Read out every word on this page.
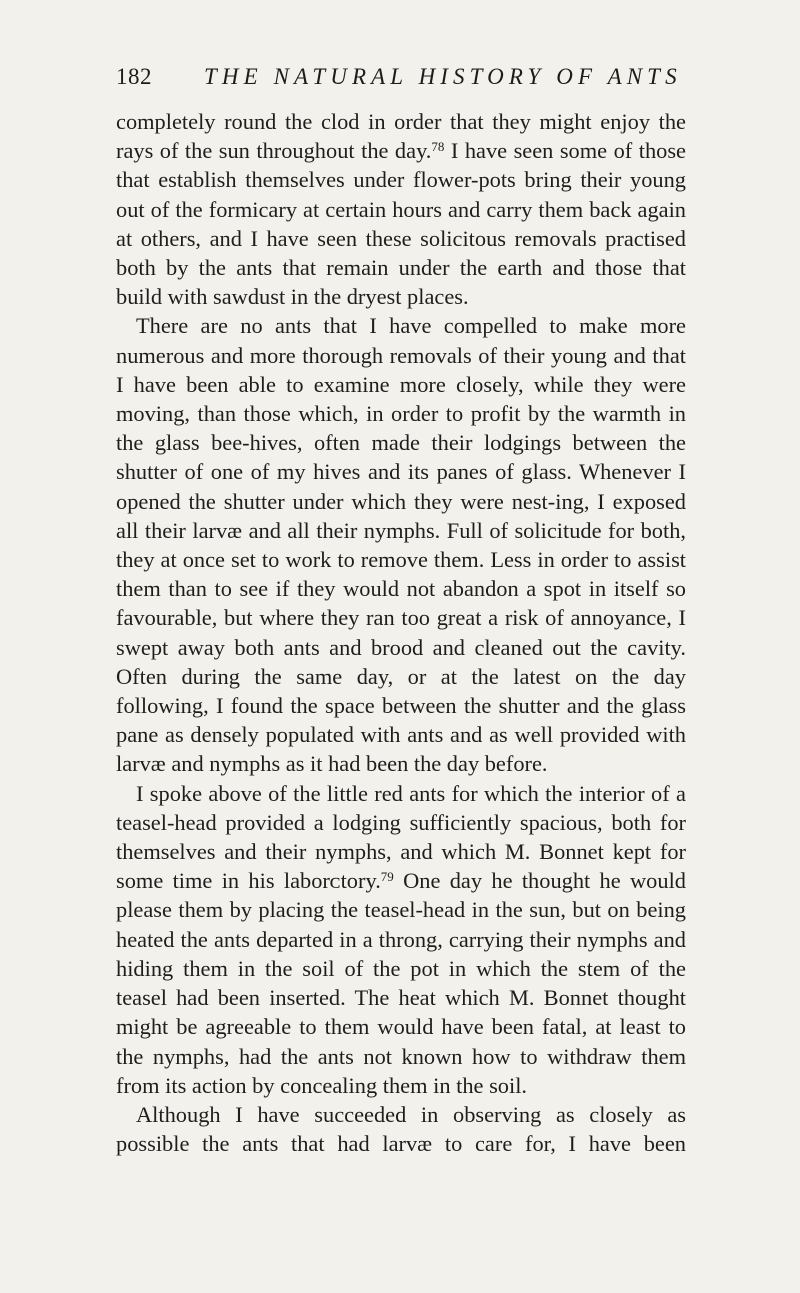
182 THE NATURAL HISTORY OF ANTS

completely round the clod in order that they might enjoy the rays of the sun throughout the day.$^{78}$ I have seen some of those that establish themselves under flower-pots bring their young out of the formicary at certain hours and carry them back again at others, and I have seen these solicitous removals practised both by the ants that remain under the earth and those that build with sawdust in the dryest places.

There are no ants that I have compelled to make more numerous and more thorough removals of their young and that I have been able to examine more closely, while they were moving, than those which, in order to profit by the warmth in the glass bee-hives, often made their lodgings between the shutter of one of my hives and its panes of glass. Whenever I opened the shutter under which they were nest-ing, I exposed all their larvæ and all their nymphs. Full of solicitude for both, they at once set to work to remove them. Less in order to assist them than to see if they would not abandon a spot in itself so favourable, but where they ran too great a risk of annoyance, I swept away both ants and brood and cleaned out the cavity. Often during the same day, or at the latest on the day following, I found the space between the shutter and the glass pane as densely populated with ants and as well provided with larvæ and nymphs as it had been the day before.

I spoke above of the little red ants for which the interior of a teasel-head provided a lodging sufficiently spacious, both for themselves and their nymphs, and which M. Bonnet kept for some time in his laborᴄtory.$^{79}$ One day he thought he would please them by placing the teasel-head in the sun, but on being heated the ants departed in a throng, carrying their nymphs and hiding them in the soil of the pot in which the stem of the teasel had been inserted. The heat which M. Bonnet thought might be agreeable to them would have been fatal, at least to the nymphs, had the ants not known how to withdraw them from its action by concealing them in the soil.

Although I have succeeded in observing as closely as possible the ants that had larvæ to care for, I have been
